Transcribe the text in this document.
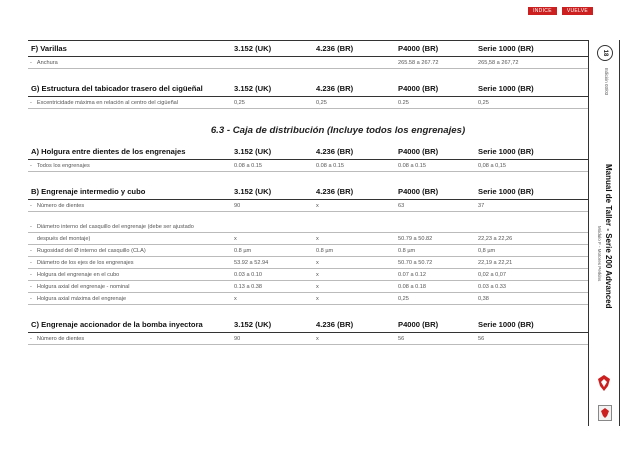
INDICE	VUELVE
F) Varillas	3.152 (UK)	4.236 (BR)	P4000 (BR)	Serie 1000 (BR)
- Anchura			265.58 a 267.72	265,58 a 267,72

G) Estructura del tabicador trasero del cigüeñal	3.152 (UK)	4.236 (BR)	P4000 (BR)	Serie 1000 (BR)
- Excentricidade máxima en relación al centro del cigüeñal	0,25	0,25	0.25	0,25
6.3 - Caja de distribución (Incluye todos los engrenajes)
A) Holgura entre dientes de los engrenajes	3.152 (UK)	4.236 (BR)	P4000 (BR)	Serie 1000 (BR)
- Todos los engrenajes	0.08 a 0.15	0.08 a 0.15	0.08 a 0.15	0,08 a 0,15

B) Engrenaje intermedio y cubo	3.152 (UK)	4.236 (BR)	P4000 (BR)	Serie 1000 (BR)
- Número de dientes	90	x	63	37
- Diámetro interno del casquillo del engrenaje (debe ser ajustado				
después del montaje)	x	x	50.79 a 50.82	22,23 a 22,26
- Rugosidad del Ø interno del casquillo (CLA)	0.8 µm	0.8 µm	0.8 µm	0,8 µm
- Diámetro de los ejes de los engrenajes	53.92 a 52.94	x	50.70 a 50.72	22,19 a 22,21
- Holgura del engrenaje en el cubo	0.03 a 0.10	x	0.07 a 0.12	0,02 a 0,07
- Holgura axial del engrenaje - nominal	0.13 a 0.38	x	0.08 a 0.18	0.03 a 0.33
- Holgura axial máxima del engrenaje	x	x	0,25	0,38

C) Engrenaje accionador de la bomba inyectora	3.152 (UK)	4.236 (BR)	P4000 (BR)	Serie 1000 (BR)
- Número de dientes	90	x	56	56
18
Edición 03/03
Manual de Taller - Serie 200 Advanced
Módulo F - Motores Perkins
